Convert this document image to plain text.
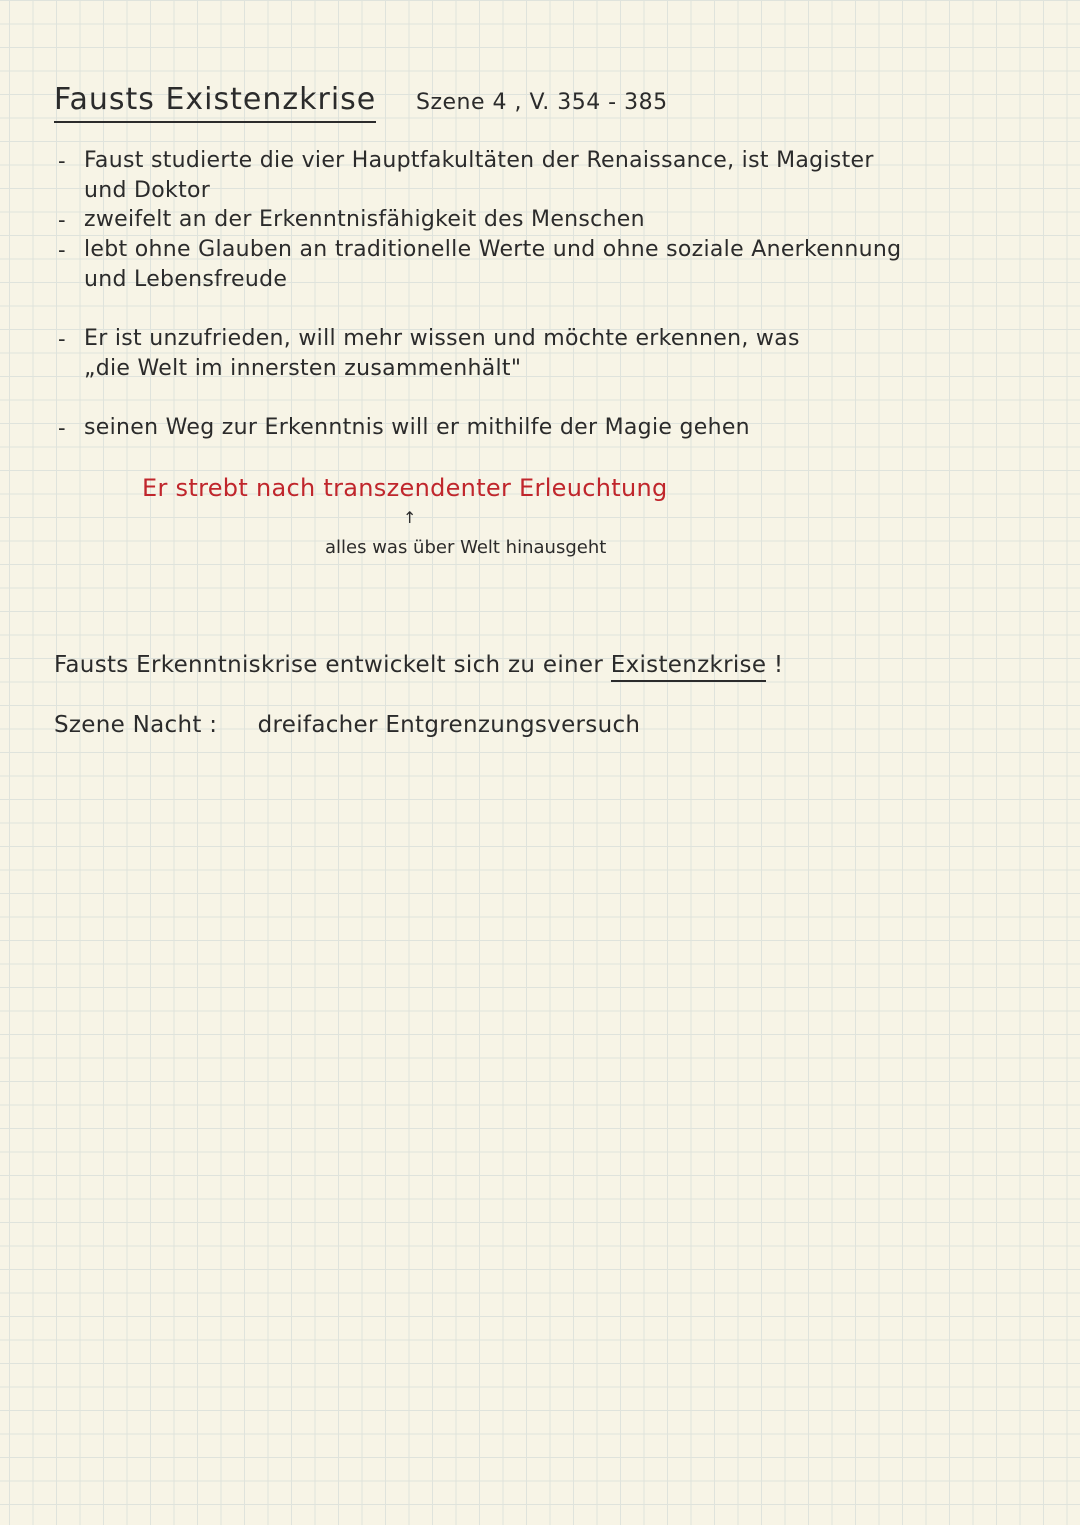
Fausts Existenzkrise Szene 4 , V. 354 - 385
- Faust studierte die vier Hauptfakultäten der Renaissance, ist Magister
und Doktor
- zweifelt an der Erkenntnisfähigkeit des Menschen
- lebt ohne Glauben an traditionelle Werte und ohne soziale Anerkennung
und Lebensfreude
- Er ist unzufrieden, will mehr wissen und möchte erkennen, was
„die Welt im innersten zusammenhält"
- seinen Weg zur Erkenntnis will er mithilfe der Magie gehen
Er strebt nach transzendenter Erleuchtung
↑
alles was über Welt hinausgeht
Fausts Erkenntniskrise entwickelt sich zu einer Existenzkrise !
Szene Nacht : dreifacher Entgrenzungsversuch
